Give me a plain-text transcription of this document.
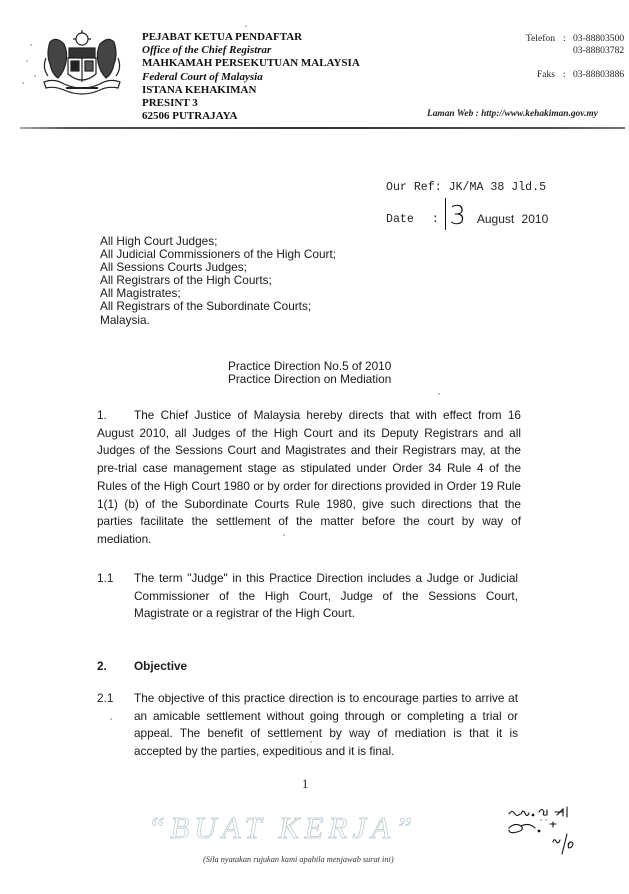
PEJABAT KETUA PENDAFTAR
Office of the Chief Registrar
MAHKAMAH PERSEKUTUAN MALAYSIA
Federal Court of Malaysia
ISTANA KEHAKIMAN
PRESINT 3
62506 PUTRAJAYA
Telefon : 03-88803500
03-88803782
Faks : 03-88803886
Laman Web : http://www.kehakiman.gov.my
Our Ref: JK/MA 38 Jld.5
Date : 3 August 2010
All High Court Judges;
All Judicial Commissioners of the High Court;
All Sessions Courts Judges;
All Registrars of the High Courts;
All Magistrates;
All Registrars of the Subordinate Courts;
Malaysia.
Practice Direction No.5 of 2010
Practice Direction on Mediation
1. The Chief Justice of Malaysia hereby directs that with effect from 16 August 2010, all Judges of the High Court and its Deputy Registrars and all Judges of the Sessions Court and Magistrates and their Registrars may, at the pre-trial case management stage as stipulated under Order 34 Rule 4 of the Rules of the High Court 1980 or by order for directions provided in Order 19 Rule 1(1) (b) of the Subordinate Courts Rule 1980, give such directions that the parties facilitate the settlement of the matter before the court by way of mediation.
1.1	The term "Judge" in this Practice Direction includes a Judge or Judicial Commissioner of the High Court, Judge of the Sessions Court, Magistrate or a registrar of the High Court.
2.	Objective
2.1	The objective of this practice direction is to encourage parties to arrive at an amicable settlement without going through or completing a trial or appeal. The benefit of settlement by way of mediation is that it is accepted by the parties, expeditious and it is final.
1
“BUAT KERJA”
(Sila nyatakan rujukan kami apabila menjawab surat ini)
